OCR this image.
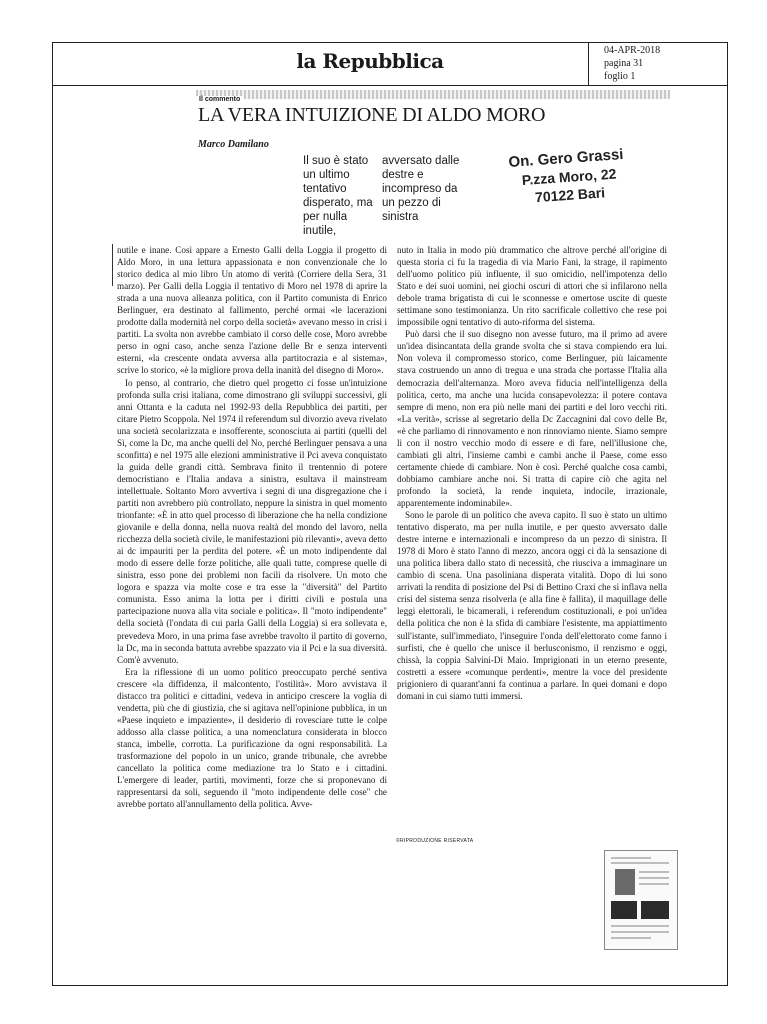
la Repubblica	04-APR-2018
pagina 31
foglio 1
Il commento
LA VERA INTUIZIONE DI ALDO MORO
Marco Damilano
Il suo è stato un ultimo tentativo disperato, ma per nulla inutile,
avversato dalle destre e incompreso da un pezzo di sinistra
On. Gero Grassi
P.zza Moro, 22
70122 Bari

nutile e inane. Così appare a Ernesto Galli della Loggia il progetto di Aldo Moro, in una lettura appassionata e non convenzionale che lo storico dedica al mio libro Un atomo di verità (Corriere della Sera, 31 marzo). Per Galli della Loggia il tentativo di Moro nel 1978 di aprire la strada a una nuova alleanza politica, con il Partito comunista di Enrico Berlinguer, era destinato al fallimento, perché ormai «le lacerazioni prodotte dalla modernità nel corpo della società» avevano messo in crisi i partiti. La svolta non avrebbe cambiato il corso delle cose, Moro avrebbe perso in ogni caso, anche senza l'azione delle Br e senza interventi esterni, «la crescente ondata avversa alla partitocrazia e al sistema», scrive lo storico, «è la migliore prova della inanità del disegno di Moro».

Io penso, al contrario, che dietro quel progetto ci fosse un'intuizione profonda sulla crisi italiana, come dimostrano gli sviluppi successivi, gli anni Ottanta e la caduta nel 1992-93 della Repubblica dei partiti, per citare Pietro Scoppola. Nel 1974 il referendum sul divorzio aveva rivelato una società secolarizzata e insofferente, sconosciuta ai partiti (quelli del Sì, come la Dc, ma anche quelli del No, perché Berlinguer pensava a una sconfitta) e nel 1975 alle elezioni amministrative il Pci aveva conquistato la guida delle grandi città. Sembrava finito il trentennio di potere democristiano e l'Italia andava a sinistra, esultava il mainstream intellettuale. Soltanto Moro avvertiva i segni di una disgregazione che i partiti non avrebbero più controllato, neppure la sinistra in quel momento trionfante: «È in atto quel processo di liberazione che ha nella condizione giovanile e della donna, nella nuova realtà del mondo del lavoro, nella ricchezza della società civile, le manifestazioni più rilevanti», aveva detto ai dc impauriti per la perdita del potere. «È un moto indipendente dal modo di essere delle forze politiche, alle quali tutte, comprese quelle di sinistra, esso pone dei problemi non facili da risolvere. Un moto che logora e spazza via molte cose e tra esse la "diversità" del Partito comunista. Esso anima la lotta per i diritti civili e postula una partecipazione nuova alla vita sociale e politica». Il "moto indipendente" della società (l'ondata di cui parla Galli della Loggia) si era sollevata e, prevedeva Moro, in una prima fase avrebbe travolto il partito di governo, la Dc, ma in seconda battuta avrebbe spazzato via il Pci e la sua diversità. Com'è avvenuto.

Era la riflessione di un uomo politico preoccupato perché sentiva crescere «la diffidenza, il malcontento, l'ostilità». Moro avvistava il distacco tra politici e cittadini, vedeva in anticipo crescere la voglia di vendetta, più che di giustizia, che si agitava nell'opinione pubblica, in un «Paese inquieto e impaziente», il desiderio di rovesciare tutte le colpe addosso alla classe politica, a una nomenclatura considerata in blocco stanca, imbelle, corrotta. La purificazione da ogni responsabilità. La trasformazione del popolo in un unico, grande tribunale, che avrebbe cancellato la politica come mediazione tra lo Stato e i cittadini. L'emergere di leader, partiti, movimenti, forze che si proponevano di rappresentarsi da soli, seguendo il "moto indipendente delle cose" che avrebbe portato all'annullamento della politica. Avve-

nuto in Italia in modo più drammatico che altrove perché all'origine di questa storia ci fu la tragedia di via Mario Fani, la strage, il rapimento dell'uomo politico più influente, il suo omicidio, nell'impotenza dello Stato e dei suoi uomini, nei giochi oscuri di attori che si infilarono nella debole trama brigatista di cui le sconnesse e omertose uscite di queste settimane sono testimonianza. Un rito sacrificale collettivo che rese poi impossibile ogni tentativo di auto-riforma del sistema.

Può darsi che il suo disegno non avesse futuro, ma il primo ad avere un'idea disincantata della grande svolta che si stava compiendo era lui. Non voleva il compromesso storico, come Berlinguer, più laicamente stava costruendo un anno di tregua e una strada che portasse l'Italia alla democrazia dell'alternanza. Moro aveva fiducia nell'intelligenza della politica, certo, ma anche una lucida consapevolezza: il potere contava sempre di meno, non era più nelle mani dei partiti e del loro vecchi riti. «La verità», scrisse al segretario della Dc Zaccagnini dal covo delle Br, «è che parliamo di rinnovamento e non rinnoviamo niente. Siamo sempre lì con il nostro vecchio modo di essere e di fare, nell'illusione che, cambiati gli altri, l'insieme cambi e cambi anche il Paese, come esso certamente chiede di cambiare. Non è così. Perché qualche cosa cambi, dobbiamo cambiare anche noi. Si tratta di capire ciò che agita nel profondo la società, la rende inquieta, indocile, irrazionale, apparentemente indominabile».

Sono le parole di un politico che aveva capito. Il suo è stato un ultimo tentativo disperato, ma per nulla inutile, e per questo avversato dalle destre interne e internazionali e incompreso da un pezzo di sinistra. Il 1978 di Moro è stato l'anno di mezzo, ancora oggi ci dà la sensazione di una politica libera dallo stato di necessità, che riusciva a immaginare un cambio di scena. Una pasoliniana disperata vitalità. Dopo di lui sono arrivati la rendita di posizione del Psi di Bettino Craxi che si inflava nella crisi del sistema senza risolverla (e alla fine è fallita), il maquillage delle leggi elettorali, le bicamerali, i referendum costituzionali, e poi un'idea della politica che non è la sfida di cambiare l'esistente, ma appiattimento sull'istante, sull'immediato, l'inseguire l'onda dell'elettorato come fanno i surfisti, che è quello che unisce il berlusconismo, il renzismo e oggi, chissà, la coppia Salvini-Di Maio. Imprigionati in un eterno presente, costretti a essere «comunque perdenti», mentre la voce del presidente prigioniero di quarant'anni fa continua a parlare. In quei domani e dopo domani in cui siamo tutti immersi.

©RIPRODUZIONE RISERVATA
